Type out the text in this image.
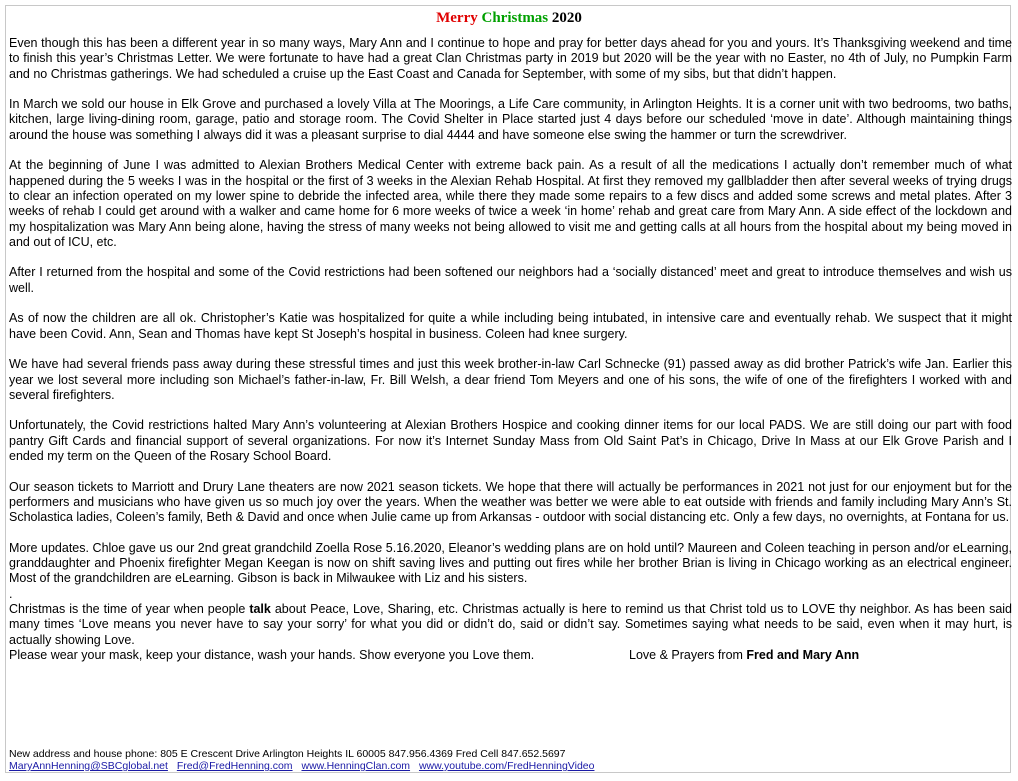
Merry Christmas 2020

Even though this has been a different year in so many ways, Mary Ann and I continue to hope and pray for better days ahead for you and yours. It’s Thanksgiving weekend and time to finish this year’s Christmas Letter. We were fortunate to have had a great Clan Christmas party in 2019 but 2020 will be the year with no Easter, no 4th of July, no Pumpkin Farm and no Christmas gatherings. We had scheduled a cruise up the East Coast and Canada for September, with some of my sibs, but that didn’t happen.

In March we sold our house in Elk Grove and purchased a lovely Villa at The Moorings, a Life Care community, in Arlington Heights. It is a corner unit with two bedrooms, two baths, kitchen, large living-dining room, garage, patio and storage room. The Covid Shelter in Place started just 4 days before our scheduled ‘move in date’. Although maintaining things around the house was something I always did it was a pleasant surprise to dial 4444 and have someone else swing the hammer or turn the screwdriver.

At the beginning of June I was admitted to Alexian Brothers Medical Center with extreme back pain. As a result of all the medications I actually don’t remember much of what happened during the 5 weeks I was in the hospital or the first of 3 weeks in the Alexian Rehab Hospital. At first they removed my gallbladder then after several weeks of trying drugs to clear an infection operated on my lower spine to debride the infected area, while there they made some repairs to a few discs and added some screws and metal plates. After 3 weeks of rehab I could get around with a walker and came home for 6 more weeks of twice a week ‘in home’ rehab and great care from Mary Ann. A side effect of the lockdown and my hospitalization was Mary Ann being alone, having the stress of many weeks not being allowed to visit me and getting calls at all hours from the hospital about my being moved in and out of ICU, etc.

After I returned from the hospital and some of the Covid restrictions had been softened our neighbors had a ‘socially distanced’ meet and great to introduce themselves and wish us well.

As of now the children are all ok. Christopher’s Katie was hospitalized for quite a while including being intubated, in intensive care and eventually rehab. We suspect that it might have been Covid. Ann, Sean and Thomas have kept St Joseph’s hospital in business. Coleen had knee surgery.

We have had several friends pass away during these stressful times and just this week brother-in-law Carl Schnecke (91) passed away as did brother Patrick’s wife Jan. Earlier this year we lost several more including son Michael’s father-in-law, Fr. Bill Welsh, a dear friend Tom Meyers and one of his sons, the wife of one of the firefighters I worked with and several firefighters.

Unfortunately, the Covid restrictions halted Mary Ann’s volunteering at Alexian Brothers Hospice and cooking dinner items for our local PADS. We are still doing our part with food pantry Gift Cards and financial support of several organizations. For now it’s Internet Sunday Mass from Old Saint Pat’s in Chicago, Drive In Mass at our Elk Grove Parish and I ended my term on the Queen of the Rosary School Board.

Our season tickets to Marriott and Drury Lane theaters are now 2021 season tickets. We hope that there will actually be performances in 2021 not just for our enjoyment but for the performers and musicians who have given us so much joy over the years. When the weather was better we were able to eat outside with friends and family including Mary Ann’s St. Scholastica ladies, Coleen’s family, Beth & David and once when Julie came up from Arkansas - outdoor with social distancing etc. Only a few days, no overnights, at Fontana for us.

More updates. Chloe gave us our 2nd great grandchild Zoella Rose 5.16.2020, Eleanor’s wedding plans are on hold until? Maureen and Coleen teaching in person and/or eLearning, granddaughter and Phoenix firefighter Megan Keegan is now on shift saving lives and putting out fires while her brother Brian is living in Chicago working as an electrical engineer. Most of the grandchildren are eLearning. Gibson is back in Milwaukee with Liz and his sisters.

.

Christmas is the time of year when people talk about Peace, Love, Sharing, etc. Christmas actually is here to remind us that Christ told us to LOVE thy neighbor. As has been said many times ‘Love means you never have to say your sorry’ for what you did or didn’t do, said or didn’t say. Sometimes saying what needs to be said, even when it may hurt, is actually showing Love.

Please wear your mask, keep your distance, wash your hands. Show everyone you Love them.	Love & Prayers from Fred and Mary Ann
New address and house phone: 805 E Crescent Drive Arlington Heights IL 60005 847.956.4369 Fred Cell 847.652.5697
MaryAnnHenning@SBCglobal.net Fred@FredHenning.com www.HenningClan.com www.youtube.com/FredHenningVideo
